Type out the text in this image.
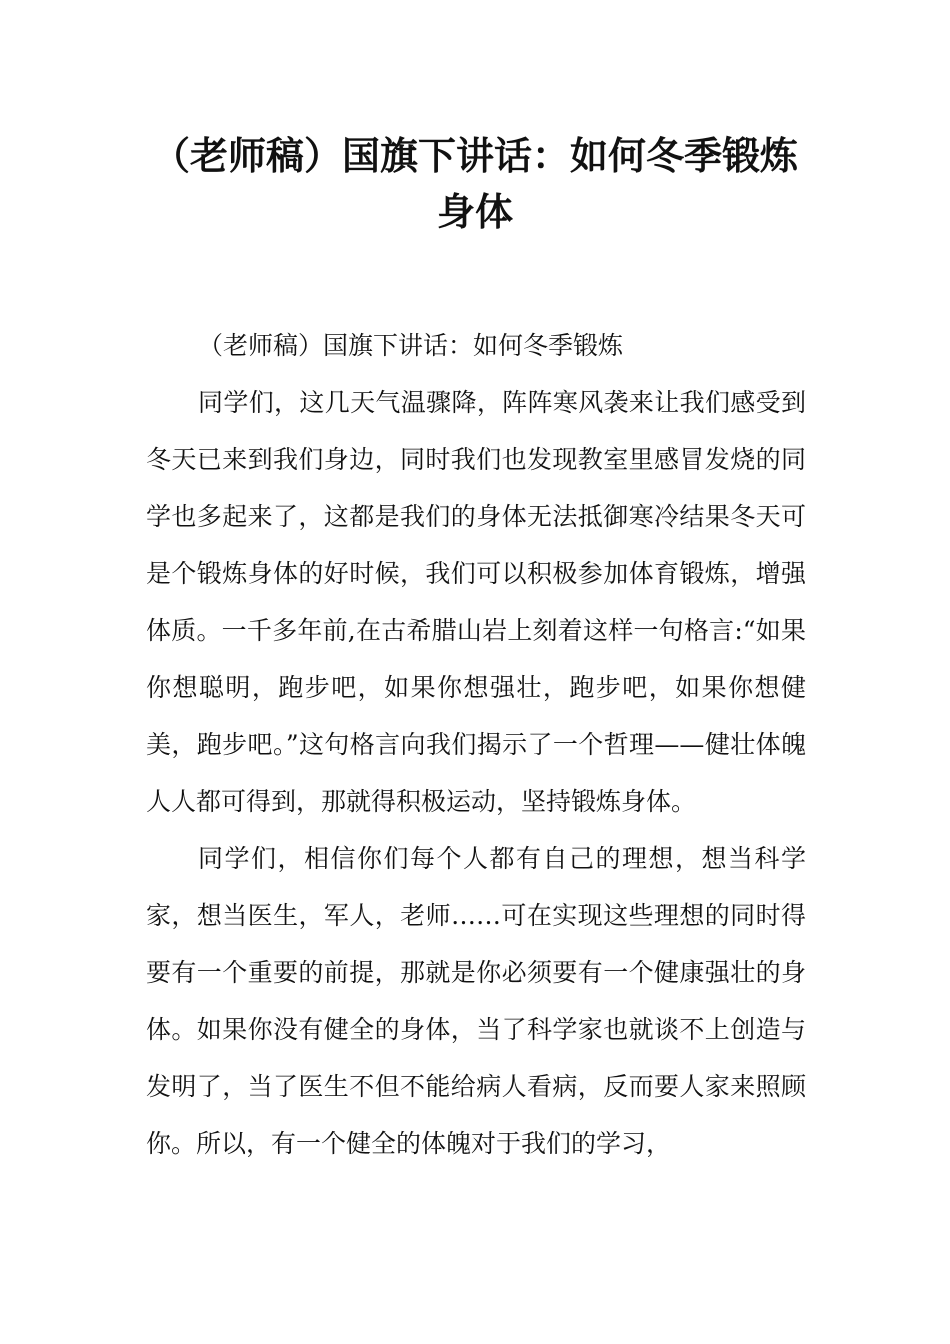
（老师稿）国旗下讲话：如何冬季锻炼
身体

（老师稿）国旗下讲话：如何冬季锻炼

同学们，这几天气温骤降，阵阵寒风袭来让我们感受到冬天已来到我们身边，同时我们也发现教室里感冒发烧的同学也多起来了，这都是我们的身体无法抵御寒冷结果冬天可是个锻炼身体的好时候，我们可以积极参加体育锻炼，增强体质。一千多年前,在古希腊山岩上刻着这样一句格言:“如果你想聪明，跑步吧，如果你想强壮，跑步吧，如果你想健美，跑步吧。”这句格言向我们揭示了一个哲理——健壮体魄人人都可得到，那就得积极运动，坚持锻炼身体。

同学们，相信你们每个人都有自己的理想，想当科学家，想当医生，军人，老师……可在实现这些理想的同时得要有一个重要的前提，那就是你必须要有一个健康强壮的身体。如果你没有健全的身体，当了科学家也就谈不上创造与发明了，当了医生不但不能给病人看病，反而要人家来照顾你。所以，有一个健全的体魄对于我们的学习，
